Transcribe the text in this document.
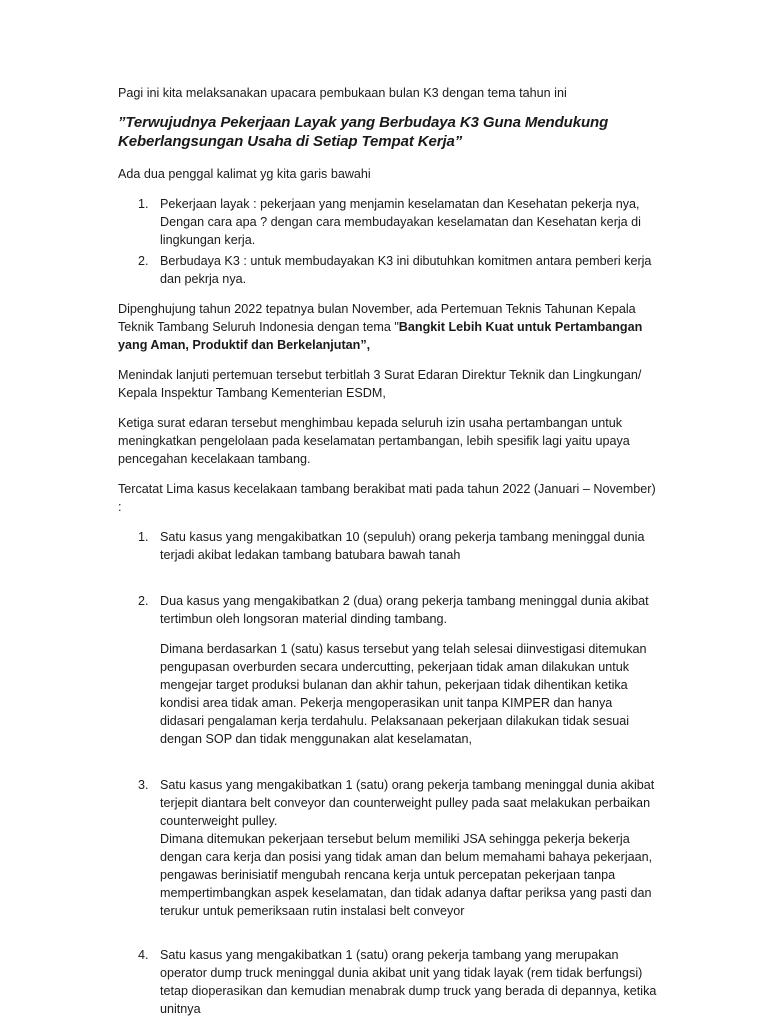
Pagi ini kita melaksanakan upacara pembukaan bulan K3 dengan tema tahun ini

”Terwujudnya Pekerjaan Layak yang Berbudaya K3 Guna Mendukung Keberlangsungan Usaha di Setiap Tempat Kerja”

Ada dua penggal kalimat yg kita garis bawahi

1. Pekerjaan layak : pekerjaan yang menjamin keselamatan dan Kesehatan pekerja nya, Dengan cara apa ? dengan cara membudayakan keselamatan dan Kesehatan kerja di lingkungan kerja.
2. Berbudaya K3 : untuk membudayakan K3 ini dibutuhkan komitmen antara pemberi kerja dan pekrja nya.

Dipenghujung tahun 2022 tepatnya bulan November, ada Pertemuan Teknis Tahunan Kepala Teknik Tambang Seluruh Indonesia dengan tema "Bangkit Lebih Kuat untuk Pertambangan yang Aman, Produktif dan Berkelanjutan”,

Menindak lanjuti pertemuan tersebut terbitlah 3 Surat Edaran Direktur Teknik dan Lingkungan/ Kepala Inspektur Tambang Kementerian ESDM,

Ketiga surat edaran tersebut menghimbau kepada seluruh izin usaha pertambangan untuk meningkatkan pengelolaan pada keselamatan pertambangan, lebih spesifik lagi yaitu upaya pencegahan kecelakaan tambang.

Tercatat Lima kasus kecelakaan tambang berakibat mati pada tahun 2022 (Januari – November) :

1. Satu kasus yang mengakibatkan 10 (sepuluh) orang pekerja tambang meninggal dunia terjadi akibat ledakan tambang batubara bawah tanah
2. Dua kasus yang mengakibatkan 2 (dua) orang pekerja tambang meninggal dunia akibat tertimbun oleh longsoran material dinding tambang.

Dimana berdasarkan 1 (satu) kasus tersebut yang telah selesai diinvestigasi ditemukan pengupasan overburden secara undercutting, pekerjaan tidak aman dilakukan untuk mengejar target produksi bulanan dan akhir tahun, pekerjaan tidak dihentikan ketika kondisi area tidak aman. Pekerja mengoperasikan unit tanpa KIMPER dan hanya didasari pengalaman kerja terdahulu. Pelaksanaan pekerjaan dilakukan tidak sesuai dengan SOP dan tidak menggunakan alat keselamatan,

3. Satu kasus yang mengakibatkan 1 (satu) orang pekerja tambang meninggal dunia akibat terjepit diantara belt conveyor dan counterweight pulley pada saat melakukan perbaikan counterweight pulley.

Dimana ditemukan pekerjaan tersebut belum memiliki JSA sehingga pekerja bekerja dengan cara kerja dan posisi yang tidak aman dan belum memahami bahaya pekerjaan, pengawas berinisiatif mengubah rencana kerja untuk percepatan pekerjaan tanpa mempertimbangkan aspek keselamatan, dan tidak adanya daftar periksa yang pasti dan terukur untuk pemeriksaan rutin instalasi belt conveyor

4. Satu kasus yang mengakibatkan 1 (satu) orang pekerja tambang yang merupakan operator dump truck meninggal dunia akibat unit yang tidak layak (rem tidak berfungsi) tetap dioperasikan dan kemudian menabrak dump truck yang berada di depannya, ketika unitnya
